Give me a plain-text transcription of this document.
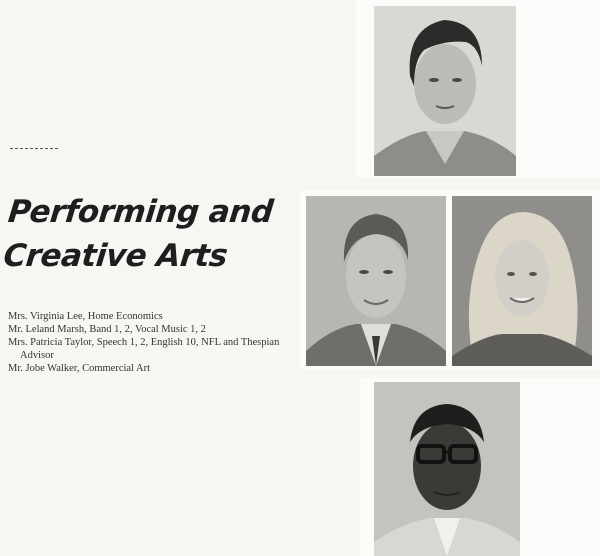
Performing and
Creative Arts
Mrs. Virginia Lee, Home Economics
Mr. Leland Marsh, Band 1, 2, Vocal Music 1, 2
Mrs. Patricia Taylor, Speech 1, 2, English 10, NFL and Thespian
Advisor
Mr. Jobe Walker, Commercial Art
